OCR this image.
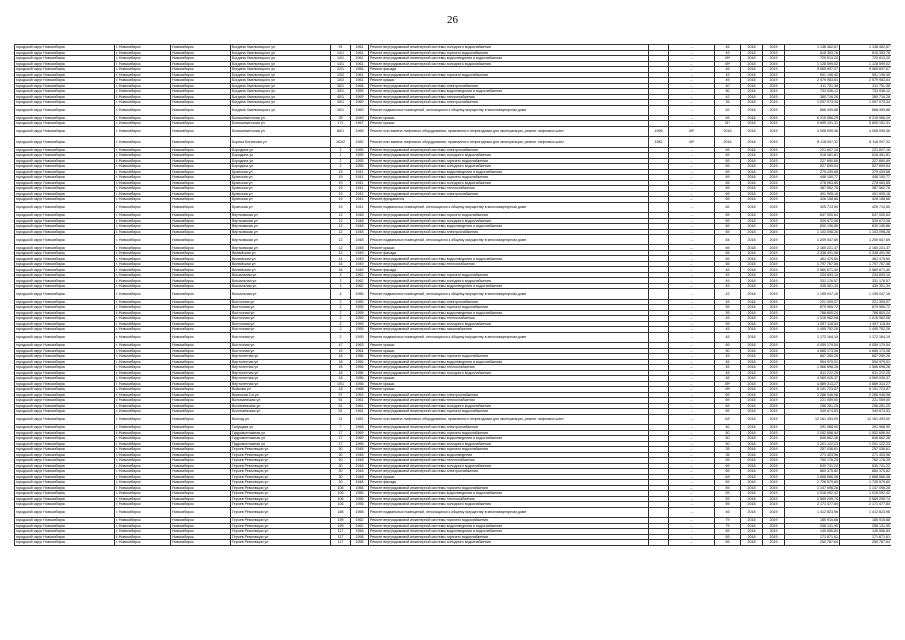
26
городской округ Новосибирск	г. Новосибирск	Новосибирск	Богдана Хмельницкого ул	91	1961	Ремонт внутридомовой инженерной системы холодного водоснабжения		–	45	2018	2019	1 138 462,67	1 138 462,67
городской округ Новосибирск	г. Новосибирск	Новосибирск	Богдана Хмельницкого ул	14/1	1961	Ремонт внутридомовой инженерной системы горячего водоснабжения		–	49	2018	2019	615 353,76	615 353,76
городской округ Новосибирск	г. Новосибирск	Новосибирск	Богдана Хмельницкого ул	14/1	1961	Ремонт внутридомовой инженерной системы водоотведения и водоснабжения		–	49*	2018	2019	720 613,20	720 613,20
городской округ Новосибирск	г. Новосибирск	Новосибирск	Богдана Хмельницкого ул	14/1	1961	Ремонт внутридомовой инженерной системы холодного водоснабжения		–	49*	2018	2019	1 128 599,02	1 128 599,02
городской округ Новосибирск	г. Новосибирск	Новосибирск	Богдана Хмельницкого ул	22/1	1956	Ремонт фасада		–	46	2018	2019	9 565 697,07	9 565 697,07
городской округ Новосибирск	г. Новосибирск	Новосибирск	Богдана Хмельницкого ул	10/2	1961	Ремонт внутридомовой инженерной системы горячего водоснабжения		–	49	2018	2019	591 196,40	591 196,40
городской округ Новосибирск	г. Новосибирск	Новосибирск	Богдана Хмельницкого ул	10/2	1961	Ремонт крыши		–	49	2018	2019	2 579 983,64	2 579 983,64
городской округ Новосибирск	г. Новосибирск	Новосибирск	Богдана Хмельницкого ул	36/1	1968	Ремонт внутридомовой инженерной системы электроснабжения		–	40	2018	2019	311 751,38	311 751,38
городской округ Новосибирск	г. Новосибирск	Новосибирск	Богдана Хмельницкого ул	39/1	1955	Ремонт внутридомовой инженерной системы водоотведения и водоснабжения		–	50	2018	2019	733 936,12	733 936,12
городской округ Новосибирск	г. Новосибирск	Новосибирск	Богдана Хмельницкого ул	40/1	1969	Ремонт внутридомовой инженерной системы теплоснабжения		–	42	2018	2019	380 716,26	380 716,26
городской округ Новосибирск	г. Новосибирск	Новосибирск	Богдана Хмельницкого ул	40/1	1969	Ремонт внутридомовой инженерной системы электроснабжения		–	35	2018	2019	1 097 073,34	1 097 073,34
городской округ Новосибирск	г. Новосибирск	Новосибирск	Богдана Хмельницкого ул	40/1	1969	Ремонт подвальных помещений, относящихся к общему имуществу в многоквартирном доме		–	52	2018	2019	668 499,88	668 499,88
городской округ Новосибирск	г. Новосибирск	Новосибирск	Большевистская ул	39	1949	Ремонт крыши		–	69	2018	2019	6 215 966,29	6 215 966,29
городской округ Новосибирск	г. Новосибирск	Новосибирск	Большевистская ул	171	1967	Ремонт крыши		–	31*	2018	2019	5 895 191,31	5 895 191,31
городской округ Новосибирск	г. Новосибирск	Новосибирск	Большевистская ул	86/1	1965	Ремонт или замена лифтового оборудования, признанного непригодным для эксплуатации, ремонт лифтовых шахт	1995	49*	2016	2018	2019	4 008 099,36	4 008 099,36
городской округ Новосибирск	г. Новосибирск	Новосибирск	Бориса Богаткова ул	163/2	1982	Ремонт или замена лифтового оборудования, признанного непригодным для эксплуатации, ремонт лифтовых шахт	1982	49*	2016	2018	2019	8 118 097,32	8 118 097,32
городской округ Новосибирск	г. Новосибирск	Новосибирск	Бородина ул	1	1955	Ремонт внутридомовой инженерной системы электроснабжения		–	69	2018	2019	221 607,16	221 607,16
городской округ Новосибирск	г. Новосибирск	Новосибирск	Бородина ул	1	1955	Ремонт внутридомовой инженерной системы холодного водоснабжения		–	69	2018	2019	518 481,81	518 481,81
городской округ Новосибирск	г. Новосибирск	Новосибирск	Бородина ул	2	1955	Ремонт внутридомовой инженерной системы горячего водоснабжения		–	69	2018	2019	227 890,89	227 890,89
городской округ Новосибирск	г. Новосибирск	Новосибирск	Бородина ул	2	1955	Ремонт внутридомовой инженерной системы холодного водоснабжения		–	69	2018	2019	527 699,54	527 699,54
городской округ Новосибирск	г. Новосибирск	Новосибирск	Брянская ул	19	1941	Ремонт внутридомовой инженерной системы водоотведения и водоснабжения		–	69	2018	2019	279 439,68	279 439,68
городской округ Новосибирск	г. Новосибирск	Новосибирск	Брянская ул	19	1941	Ремонт внутридомовой инженерной системы горячего водоснабжения		–	69	2018	2019	448 150,77	448 150,77
городской округ Новосибирск	г. Новосибирск	Новосибирск	Брянская ул	19	1941	Ремонт внутридомовой инженерной системы холодного водоснабжения		–	69	2018	2019	278 063,85	278 063,85
городской округ Новосибирск	г. Новосибирск	Новосибирск	Брянская ул	19	1941	Ремонт внутридомовой инженерной системы теплоснабжения		–	69	2018	2019	387 562,76	387 562,76
городской округ Новосибирск	г. Новосибирск	Новосибирск	Брянская ул	19	1941	Ремонт внутридомовой инженерной системы электроснабжения		–	69	2018	2019	401 905,16	401 905,16
городской округ Новосибирск	г. Новосибирск	Новосибирск	Брянская ул	19	1941	Ремонт фундамента		–	69	2018	2019	426 158,66	426 158,66
городской округ Новосибирск	г. Новосибирск	Новосибирск	Брянская ул	19	1941	Ремонт подвальных помещений, относящихся к общему имуществу в многоквартирном доме		–	62	2018	2019	425 713,50	425 713,50
городской округ Новосибирск	г. Новосибирск	Новосибирск	Вертковская ул	12	1948	Ремонт внутридомовой инженерной системы горячего водоснабжения		–	69	2018	2019	647 000,64	647 000,64
городской округ Новосибирск	г. Новосибирск	Новосибирск	Вертковская ул	12	1948	Ремонт внутридомовой инженерной системы холодного водоснабжения		–	69	2018	2019	539 672,08	539 672,08
городской округ Новосибирск	г. Новосибирск	Новосибирск	Вертковская ул	12	1948	Ремонт внутридомовой инженерной системы водоотведения и водоснабжения		–	69	2018	2019	830 196,86	830 196,86
городской округ Новосибирск	г. Новосибирск	Новосибирск	Вертковская ул	12	1948	Ремонт внутридомовой инженерной системы электроснабжения		–	69	2018	2019	1 103 098,26	1 103 098,26
городской округ Новосибирск	г. Новосибирск	Новосибирск	Вертковская ул	12	1948	Ремонт подвальных помещений, относящихся к общему имуществу в многоквартирном доме		–	54	2018	2019	1 209 547,69	1 209 547,69
городской округ Новосибирск	г. Новосибирск	Новосибирск	Вертковская ул	12	1948	Ремонт крыши		–	69	2018	2019	2 160 221,37	2 160 221,37
городской округ Новосибирск	г. Новосибирск	Новосибирск	Вилюйская ул	12	1949	Ремонт фасада		–	65	2018	2019	2 338 491,96	2 338 491,96
городской округ Новосибирск	г. Новосибирск	Новосибирск	Вилюйская ул	14	1949	Ремонт внутридомовой инженерной системы водоотведения и водоснабжения		–	69	2018	2019	461 475,60	461 475,60
городской округ Новосибирск	г. Новосибирск	Новосибирск	Вилюйская ул	16	1949	Ремонт внутридомовой инженерной системы теплоснабжения		–	65	2018	2019	1 797 767,58	1 797 767,58
городской округ Новосибирск	г. Новосибирск	Новосибирск	Вилюйская ул	16	1949	Ремонт фасада		–	45	2018	2019	2 580 671,40	2 580 671,40
городской округ Новосибирск	г. Новосибирск	Новосибирск	Вокзальная ул	3	1962	Ремонт внутридомовой инженерной системы горячего водоснабжения		–	49	2018	2019	234 693,10	234 693,10
городской округ Новосибирск	г. Новосибирск	Новосибирск	Вокзальная ул	3	1962	Ремонт внутридомовой инженерной системы холодного водоснабжения		–	49	2018	2019	331 176,57	331 176,57
городской округ Новосибирск	г. Новосибирск	Новосибирск	Вокзальная ул	3	1962	Ремонт внутридомовой инженерной системы водоотведения и водоснабжения		–	49	2018	2019	435 301,34	435 301,34
городской округ Новосибирск	г. Новосибирск	Новосибирск	Вокзальная ул	4	1956	Ремонт подвальных помещений, относящихся к общему имуществу в многоквартирном доме		–	42	2018	2019	1 195 047,16	1 195 047,16
городской округ Новосибирск	г. Новосибирск	Новосибирск	Восточная ул	2	1959	Ремонт внутридомовой инженерной системы электроснабжения		–	49	2018	2019	221 309,07	221 309,07
городской округ Новосибирск	г. Новосибирск	Новосибирск	Восточная ул	2	1959	Ремонт внутридомовой инженерной системы горячего водоснабжения		–	59	2018	2019	679 965,72	679 965,72
городской округ Новосибирск	г. Новосибирск	Новосибирск	Восточная ул	2	1959	Ремонт внутридомовой инженерной системы водоотведения и водоснабжения		–	59	2018	2019	788 800,24	788 800,24
городской округ Новосибирск	г. Новосибирск	Новосибирск	Восточная ул	2	1959	Ремонт внутридомовой инженерной системы теплоснабжения		–	49	2018	2019	1 016 962,08	1 016 962,08
городской округ Новосибирск	г. Новосибирск	Новосибирск	Восточная ул	2	1959	Ремонт внутридомовой инженерной системы холодного водоснабжения		–	59	2018	2019	1 057 118,54	1 057 118,54
городской округ Новосибирск	г. Новосибирск	Новосибирск	Восточная ул	2	1959	Ремонт внутридомовой инженерной системы газоснабжения		–	45	2018	2019	1 495 752,28	1 495 752,28
городской округ Новосибирск	г. Новосибирск	Новосибирск	Восточная ул	2	1959	Ремонт подвальных помещений, относящихся к общему имуществу в многоквартирном доме		–	45	2018	2019	1 172 164,19	1 172 164,19
городской округ Новосибирск	г. Новосибирск	Новосибирск	Восточная ул	47	1963	Ремонт крыши		–	69	2018	2019	4 059 179,54	4 059 179,54
городской округ Новосибирск	г. Новосибирск	Новосибирск	Восточная ул	19	1964	Ремонт крыши		–	50	2018	2019	4 685 173,08	4 685 173,08
городской округ Новосибирск	г. Новосибирск	Новосибирск	Вертолетная ул	18	1956	Ремонт внутридомовой инженерной системы горячего водоснабжения		–	45	2018	2019	667 269,26	667 269,26
городской округ Новосибирск	г. Новосибирск	Новосибирск	Вертолетная ул	18	1956	Ремонт внутридомовой инженерной системы водоотведения и водоснабжения		–	45	2018	2019	554 979,01	554 979,01
городской округ Новосибирск	г. Новосибирск	Новосибирск	Вертолетная ул	18	1956	Ремонт внутридомовой инженерной системы теплоснабжения		–	45	2018	2019	1 566 698,28	1 566 698,28
городской округ Новосибирск	г. Новосибирск	Новосибирск	Вертолетная ул	18	1956	Ремонт внутридомовой инженерной системы холодного водоснабжения		–	45	2018	2019	811 212,25	811 212,25
городской округ Новосибирск	г. Новосибирск	Новосибирск	Вертолетная ул	18	1956	Ремонт крыши		–	45	2018	2019	4 069 026,37	4 069 026,37
городской округ Новосибирск	г. Новосибирск	Новосибирск	Вертолетная ул	19/1	1956	Ремонт крыши		–	49*	2018	2019	4 889 313,27	4 889 313,27
городской округ Новосибирск	г. Новосибирск	Новосибирск	Войкова ул	18	1968	Ремонт крыши		–	49*	2018	2019	6 191 723,87	6 191 723,87
городской округ Новосибирск	г. Новосибирск	Новосибирск	Воинская 2-я ул	57	1953	Ремонт внутридомовой инженерной системы электроснабжения		–	69	2018	2019	2 286 946,58	2 286 946,58
городской округ Новосибирск	г. Новосибирск	Новосибирск	Волочаевская ул	51	1961	Ремонт внутридомовой инженерной системы теплоснабжения		–	69	2018	2019	221 059,00	221 059,00
городской округ Новосибирск	г. Новосибирск	Новосибирск	Волочаевская ул	51	1961	Ремонт внутридомовой инженерной системы холодного водоснабжения		–	69	2018	2019	256 281,25	256 281,25
городской округ Новосибирск	г. Новосибирск	Новосибирск	Волочаевская ул	51	1961	Ремонт внутридомовой инженерной системы горячего водоснабжения		–	69	2018	2019	349 674,53	349 674,53
городской округ Новосибирск	г. Новосибирск	Новосибирск	Восход ул	21	1981	Ремонт или замена лифтового оборудования, признанного непригодным для эксплуатации, ремонт лифтовых шахт		–	44*	2018	2019	12 161 493,00	12 161 493,00
городской округ Новосибирск	г. Новосибирск	Новосибирск	Галущака ул	7	1968	Ремонт внутридомовой инженерной системы электроснабжения		–	40	2018	2019	291 968,90	291 968,90
городской округ Новосибирск	г. Новосибирск	Новосибирск	Гидромонтажная ул	17	1969	Ремонт внутридомовой инженерной системы горячего водоснабжения		–	50	2018	2019	1 052 656,94	1 052 656,94
городской округ Новосибирск	г. Новосибирск	Новосибирск	Гидромонтажная ул	17	1969	Ремонт внутридомовой инженерной системы водоотведения и водоснабжения		–	50	2018	2019	846 662,38	846 662,38
городской округ Новосибирск	г. Новосибирск	Новосибирск	Гидромонтажная ул	17	1969	Ремонт внутридомовой инженерной системы холодного водоснабжения		–	50	2018	2019	1 201 122,23	1 201 122,23
городской округ Новосибирск	г. Новосибирск	Новосибирск	Героев Революции ул	30	1948	Ремонт внутридомовой инженерной системы горячего водоснабжения		–	35	2018	2019	257 036,61	257 036,61
городской округ Новосибирск	г. Новосибирск	Новосибирск	Героев Революции ул	30	1948	Ремонт внутридомовой инженерной системы водоотведения		–	35	2018	2019	271 403,96	271 403,96
городской округ Новосибирск	г. Новосибирск	Новосибирск	Героев Революции ул	30	1948	Ремонт внутридомовой инженерной системы теплоснабжения		–	55	2018	2019	760 176,25	760 176,25
городской округ Новосибирск	г. Новосибирск	Новосибирск	Героев Революции ул	30	1948	Ремонт внутридомовой инженерной системы холодного водоснабжения		–	69	2018	2019	630 741,22	630 741,22
городской округ Новосибирск	г. Новосибирск	Новосибирск	Героев Революции ул	30	1948	Ремонт внутридомовой инженерной системы электроснабжения		–	69	2018	2019	860 375,82	860 375,82
городской округ Новосибирск	г. Новосибирск	Новосибирск	Героев Революции ул	30	1948	Ремонт крыши		–	44*	2018	2019	1 668 666,08	1 668 666,08
городской округ Новосибирск	г. Новосибирск	Новосибирск	Героев Революции ул	30	1948	Ремонт фасада		–	69	2018	2019	1 726 579,60	1 726 579,60
городской округ Новосибирск	г. Новосибирск	Новосибирск	Героев Революции ул	106	1956	Ремонт внутридомовой инженерной системы горячего водоснабжения		–	59	2018	2019	1 147 096,28	1 147 096,28
городской округ Новосибирск	г. Новосибирск	Новосибирск	Героев Революции ул	106	1956	Ремонт внутридомовой инженерной системы водоотведения и водоснабжения		–	59	2018	2019	1 018 092,42	1 018 092,42
городской округ Новосибирск	г. Новосибирск	Новосибирск	Героев Революции ул	106	1956	Ремонт внутридомовой инженерной системы теплоснабжения		–	59	2018	2019	2 569 299,74	2 569 299,74
городской округ Новосибирск	г. Новосибирск	Новосибирск	Героев Революции ул	106	1956	Ремонт внутридомовой инженерной системы холодного водоснабжения		–	59	2018	2019	2 171 477,84	2 171 477,84
городской округ Новосибирск	г. Новосибирск	Новосибирск	Героев Революции ул	188	1958	Ремонт подвальных помещений, относящихся к общему имуществу в многоквартирном доме		–	46	2018	2019	1 412 823,96	1 412 823,96
городской округ Новосибирск	г. Новосибирск	Новосибирск	Героев Революции ул	199	1962	Ремонт внутридомовой инженерной системы горячего водоснабжения		–	79	2018	2019	185 915,88	185 915,88
городской округ Новосибирск	г. Новосибирск	Новосибирск	Героев Революции ул	199	1962	Ремонт внутридомовой инженерной системы водоотведения и водоснабжения		–	79	2018	2019	256 131,95	256 131,95
городской округ Новосибирск	г. Новосибирск	Новосибирск	Героев Революции ул	117	1958	Ремонт внутридомовой инженерной системы водоотведения и водоснабжения		–	69	2018	2019	145 556,84	145 556,84
городской округ Новосибирск	г. Новосибирск	Новосибирск	Героев Революции ул	117	1958	Ремонт внутридомовой инженерной системы горячего водоснабжения		–	69	2018	2019	171 671,61	171 671,61
городской округ Новосибирск	г. Новосибирск	Новосибирск	Героев Революции ул	117	1958	Ремонт внутридомовой инженерной системы холодного водоснабжения		–	69	2018	2019	250 767,64	250 767,64
